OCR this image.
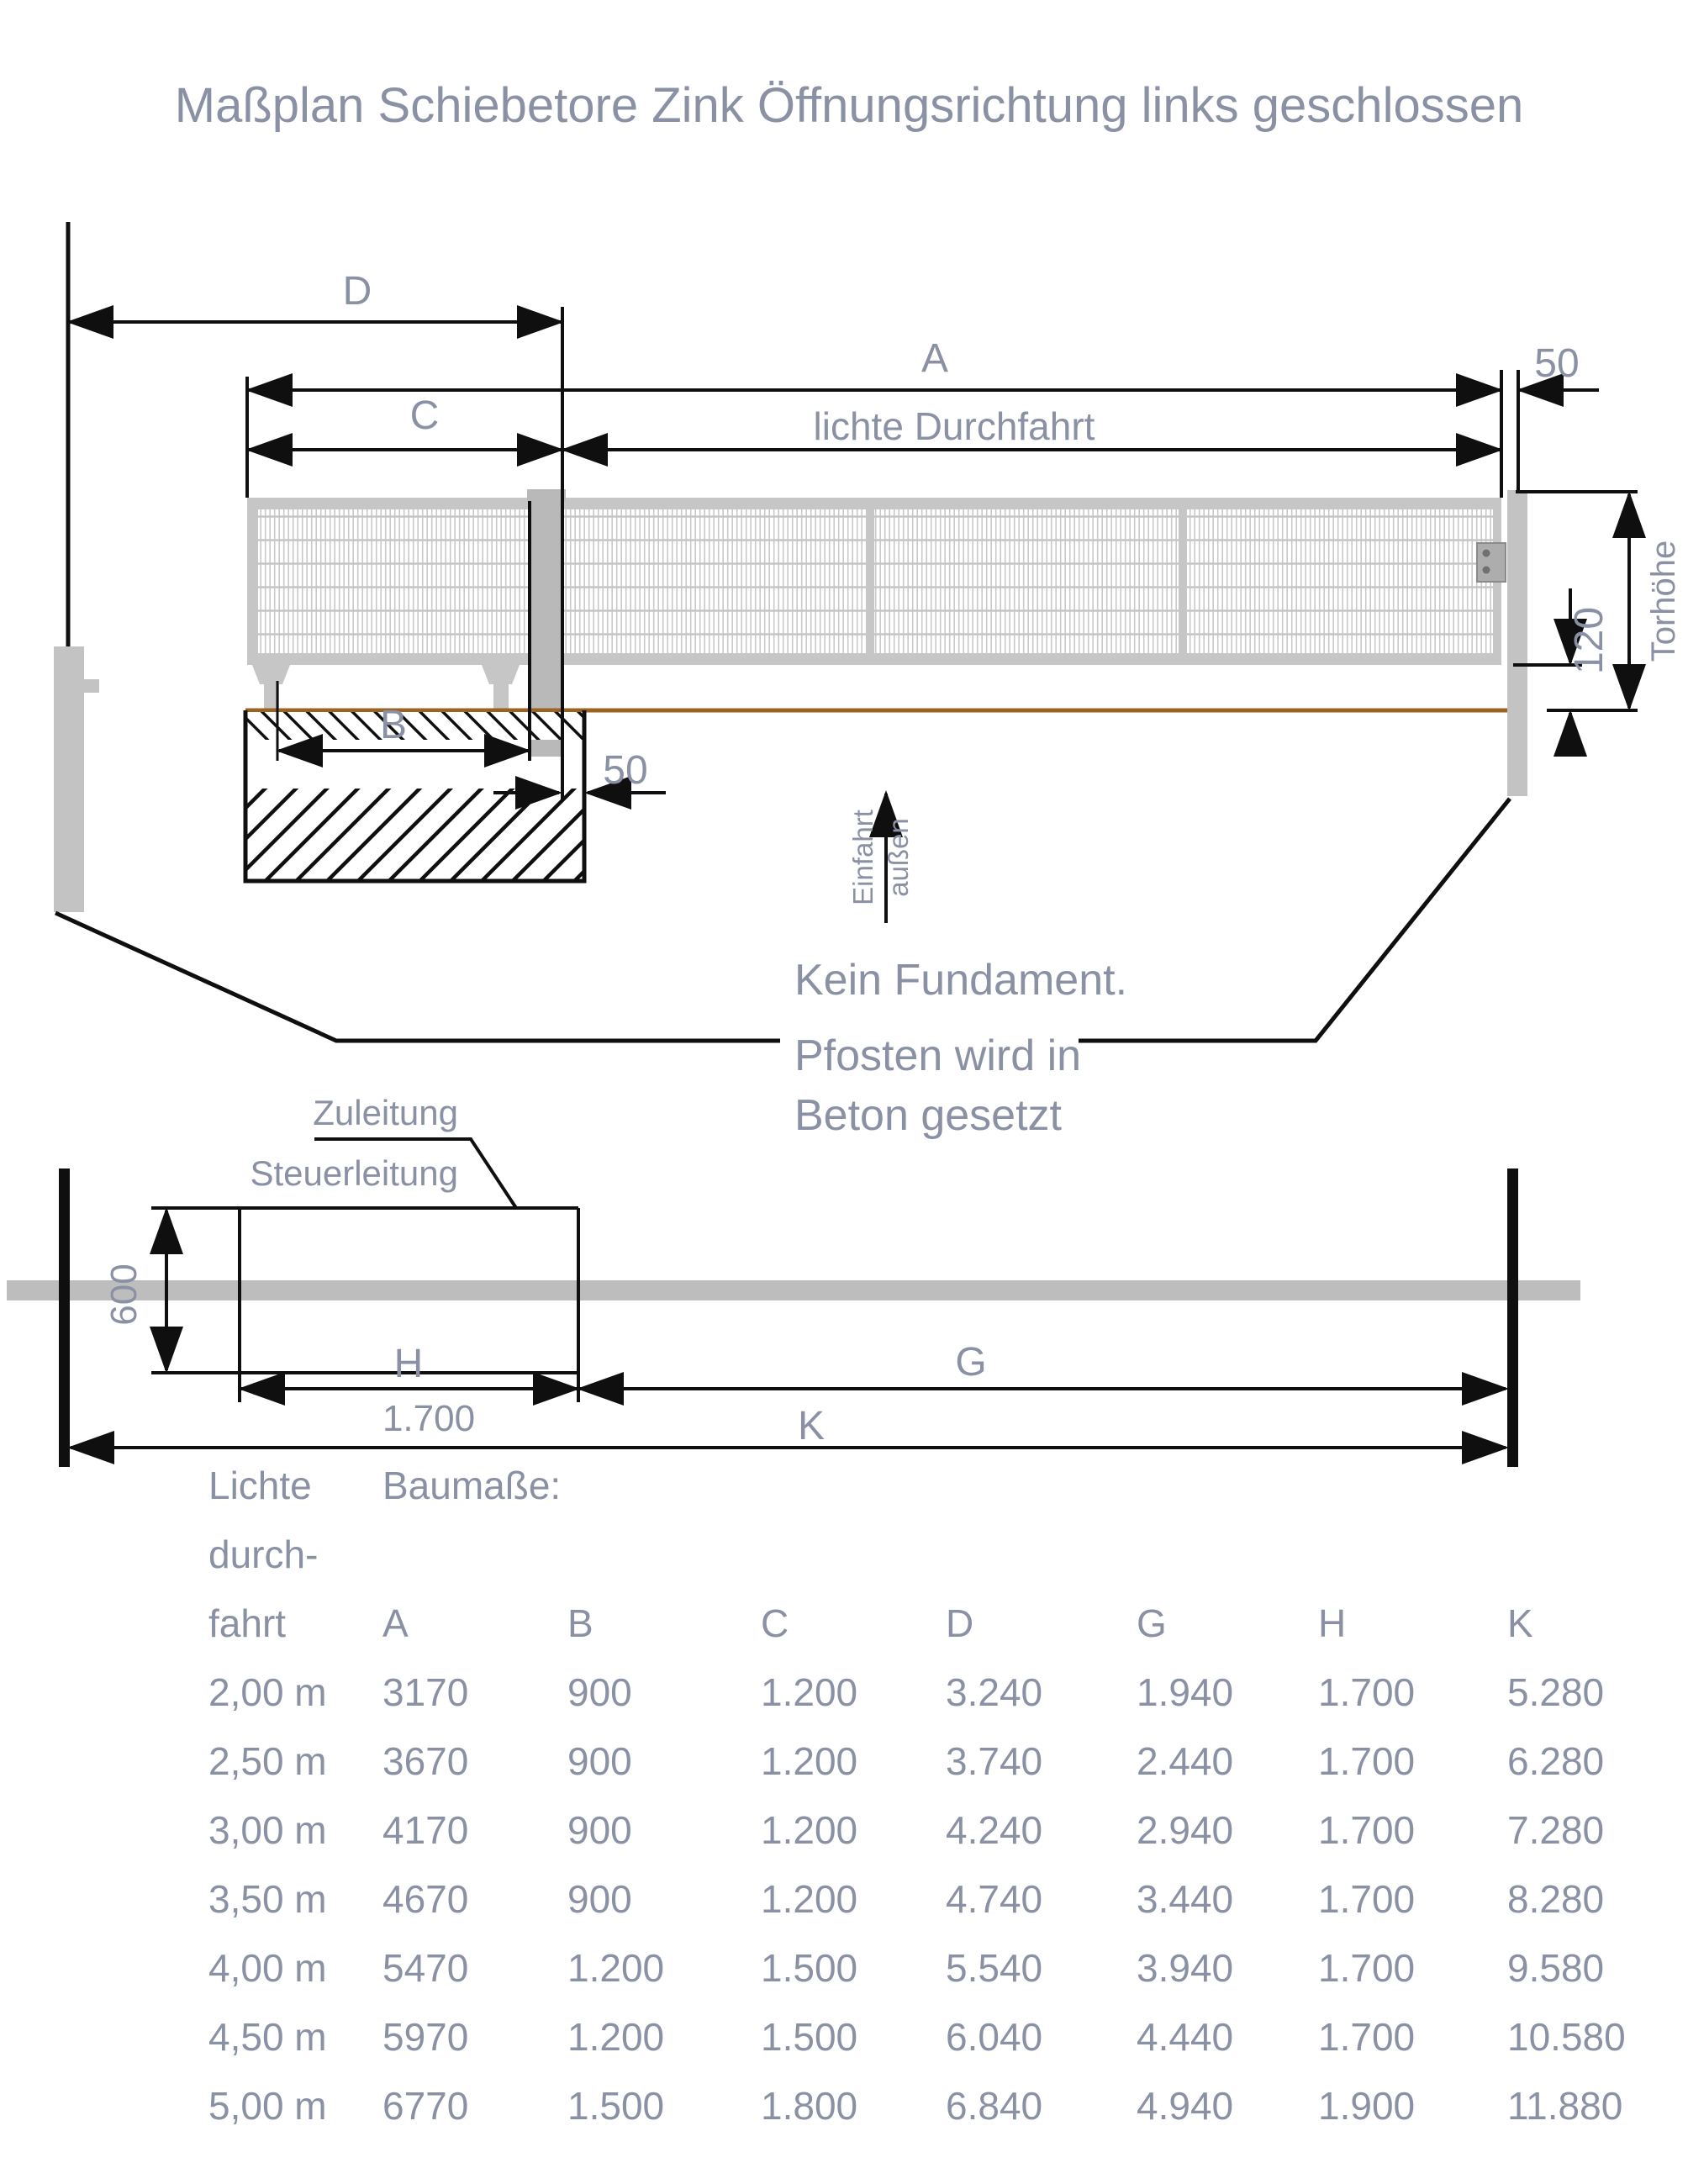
Maßplan Schiebetore Zink Öffnungsrichtung links geschlossen
Einfahrt außen
D
A	50
C	lichte Durchfahrt
B
50
Torhöhe
120
Kein Fundament.
Pfosten wird in
Beton gesetzt
Zuleitung
Steuerleitung
600
H	G
1.700	K
Lichte	Baumaße:
durch-
fahrt	A	B	C	D	G	H	K
2,00 m	3170	900	1.200	3.240	1.940	1.700	5.280
2,50 m	3670	900	1.200	3.740	2.440	1.700	6.280
3,00 m	4170	900	1.200	4.240	2.940	1.700	7.280
3,50 m	4670	900	1.200	4.740	3.440	1.700	8.280
4,00 m	5470	1.200	1.500	5.540	3.940	1.700	9.580
4,50 m	5970	1.200	1.500	6.040	4.440	1.700	10.580
5,00 m	6770	1.500	1.800	6.840	4.940	1.900	11.880
